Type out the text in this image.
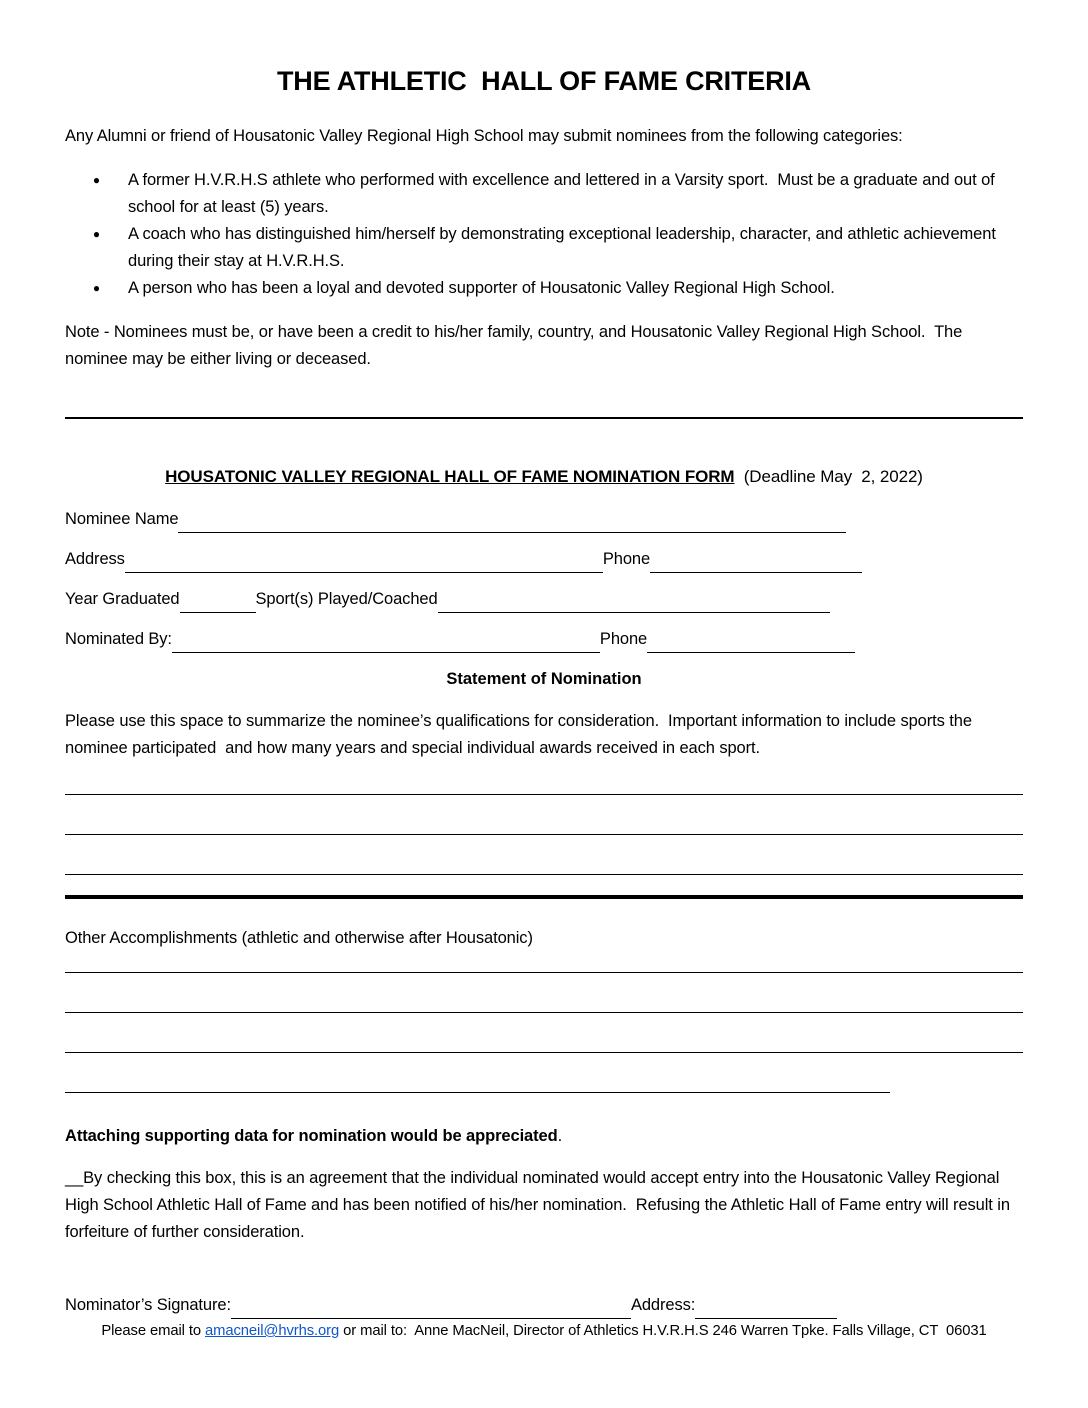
THE ATHLETIC  HALL OF FAME CRITERIA
Any Alumni or friend of Housatonic Valley Regional High School may submit nominees from the following categories:
●	A former H.V.R.H.S athlete who performed with excellence and lettered in a Varsity sport.  Must be a graduate and out of school for at least (5) years.
●	A coach who has distinguished him/herself by demonstrating exceptional leadership, character, and athletic achievement during their stay at H.V.R.H.S.
●	A person who has been a loyal and devoted supporter of Housatonic Valley Regional High School.
Note - Nominees must be, or have been a credit to his/her family, country, and Housatonic Valley Regional High School.  The nominee may be either living or deceased.
HOUSATONIC VALLEY REGIONAL HALL OF FAME NOMINATION FORM  (Deadline May  2, 2022)
Nominee Name
Address	Phone
Year Graduated	Sport(s) Played/Coached
Nominated By:	Phone
Statement of Nomination
Please use this space to summarize the nominee’s qualifications for consideration.  Important information to include sports the nominee participated  and how many years and special individual awards received in each sport.
Other Accomplishments (athletic and otherwise after Housatonic)
Attaching supporting data for nomination would be appreciated.
__By checking this box, this is an agreement that the individual nominated would accept entry into the Housatonic Valley Regional High School Athletic Hall of Fame and has been notified of his/her nomination.  Refusing the Athletic Hall of Fame entry will result in forfeiture of further consideration.
Nominator’s Signature:	Address:
Please email to amacneil@hvrhs.org or mail to:  Anne MacNeil, Director of Athletics H.V.R.H.S 246 Warren Tpke. Falls Village, CT  06031
